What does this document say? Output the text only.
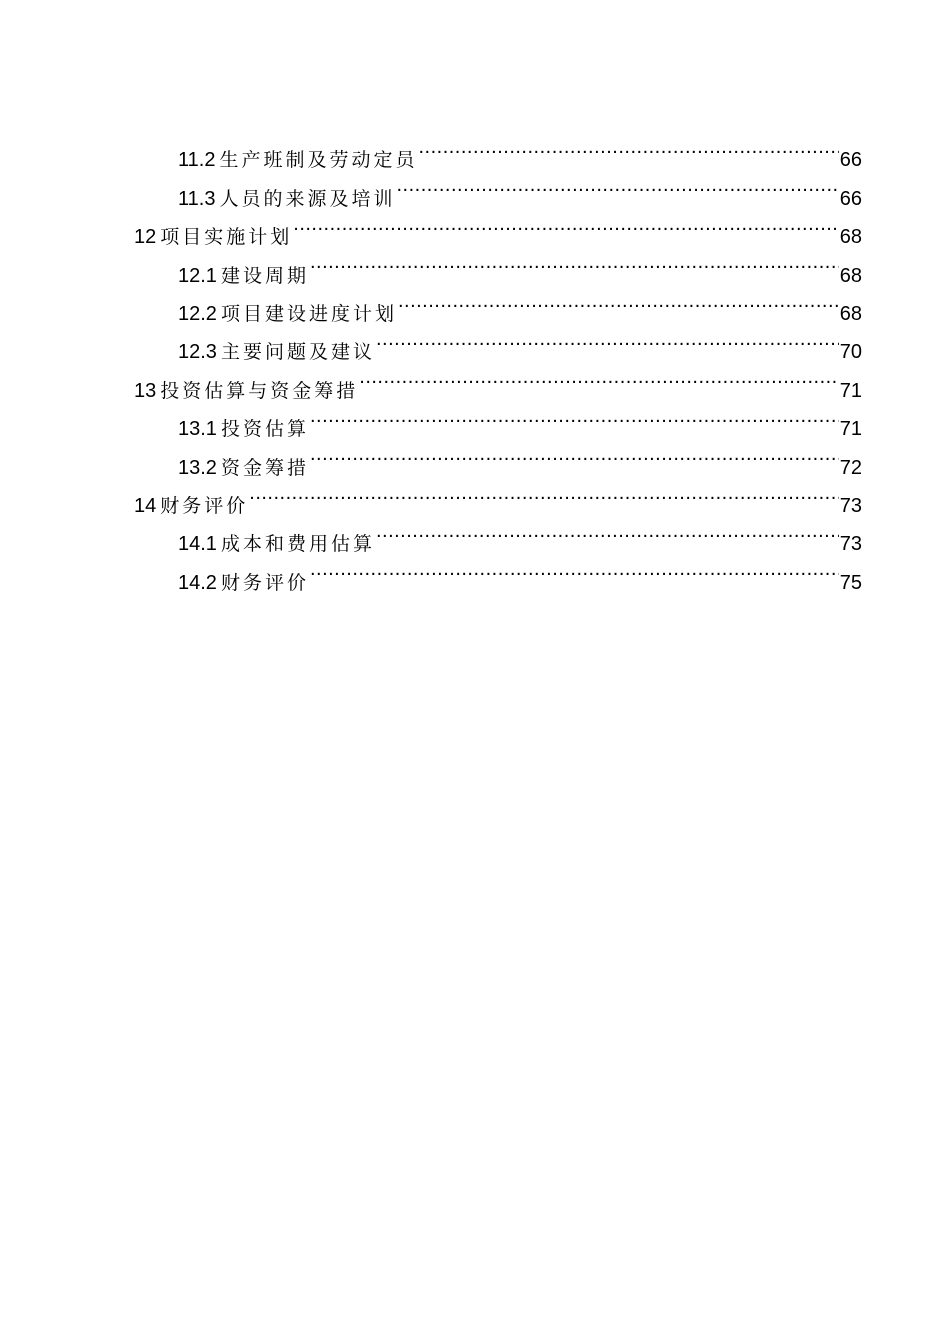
11.2 生产班制及劳动定员 .....	66
11.3 人员的来源及培训 .....	66
12 项目实施计划 .....	68
12.1 建设周期 .....	68
12.2 项目建设进度计划 .....	68
12.3 主要问题及建议 .....	70
13 投资估算与资金筹措 .....	71
13.1 投资估算 .....	71
13.2 资金筹措 .....	72
14 财务评价 .....	73
14.1 成本和费用估算 .....	73
14.2 财务评价 .....	75
